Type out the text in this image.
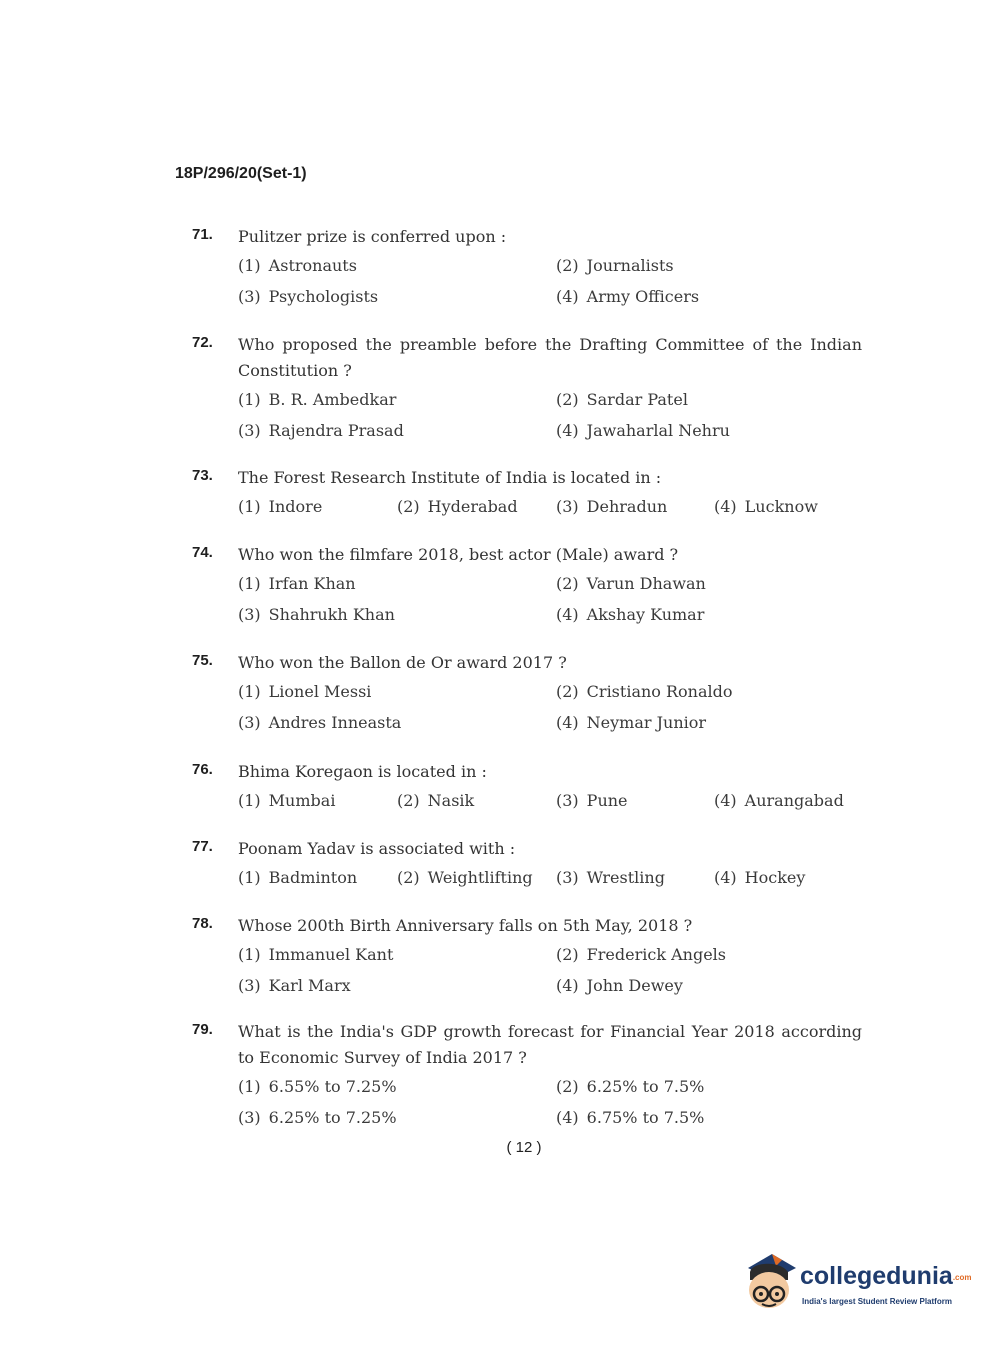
18P/296/20(Set-1)
71.	Pulitzer prize is conferred upon :
(1) Astronauts	(2) Journalists
(3) Psychologists	(4) Army Officers
72.	Who proposed the preamble before the Drafting Committee of the Indian Constitution ?
(1) B. R. Ambedkar	(2) Sardar Patel
(3) Rajendra Prasad	(4) Jawaharlal Nehru
73.	The Forest Research Institute of India is located in :
(1) Indore	(2) Hyderabad	(3) Dehradun	(4) Lucknow
74.	Who won the filmfare 2018, best actor (Male) award ?
(1) Irfan Khan	(2) Varun Dhawan
(3) Shahrukh Khan	(4) Akshay Kumar
75.	Who won the Ballon de Or award 2017 ?
(1) Lionel Messi	(2) Cristiano Ronaldo
(3) Andres Inneasta	(4) Neymar Junior
76.	Bhima Koregaon is located in :
(1) Mumbai	(2) Nasik	(3) Pune	(4) Aurangabad
77.	Poonam Yadav is associated with :
(1) Badminton	(2) Weightlifting	(3) Wrestling	(4) Hockey
78.	Whose 200th Birth Anniversary falls on 5th May, 2018 ?
(1) Immanuel Kant	(2) Frederick Angels
(3) Karl Marx	(4) John Dewey
79.	What is the India's GDP growth forecast for Financial Year 2018 according to Economic Survey of India 2017 ?
(1) 6.55% to 7.25%	(2) 6.25% to 7.5%
(3) 6.25% to 7.25%	(4) 6.75% to 7.5%
( 12 )
collegedunia.com
India's largest Student Review Platform
